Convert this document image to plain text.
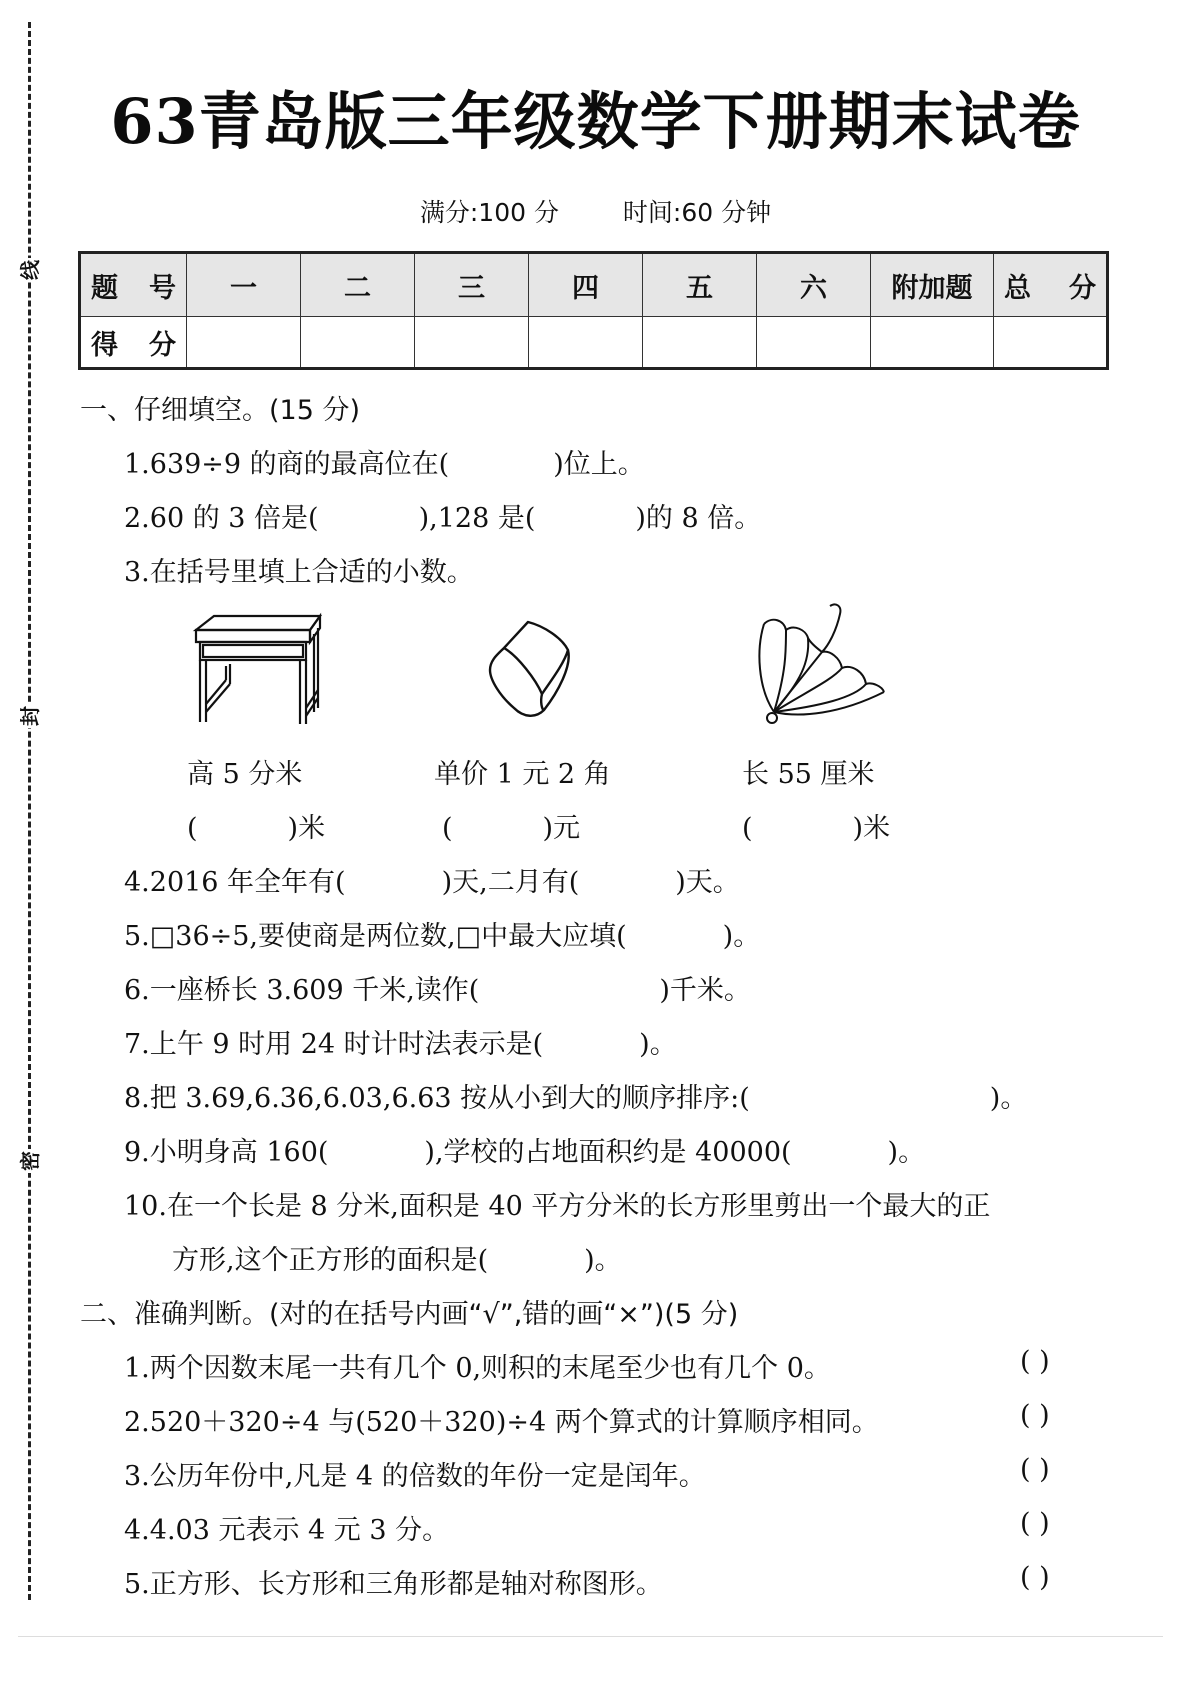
线
封
密
63青岛版三年级数学下册期末试卷
满分:100 分	时间:60 分钟
题 号	一	二	三	四	五	六	附加题	总 分

得 分								

一、仔细填空。(15 分)
1.639÷9 的商的最高位在(	)位上。
2.60 的 3 倍是(	),128 是(	)的 8 倍。
3.在括号里填上合适的小数。
高 5 分米	单价 1 元 2 角	长 55 厘米
(	)米	(	)元	(	)米
4.2016 年全年有(	)天,二月有(	)天。
5.□36÷5,要使商是两位数,□中最大应填(	)。
6.一座桥长 3.609 千米,读作(	)千米。
7.上午 9 时用 24 时计时法表示是(	)。
8.把 3.69,6.36,6.03,6.63 按从小到大的顺序排序:(	)。
9.小明身高 160(	),学校的占地面积约是 40000(	)。
10.在一个长是 8 分米,面积是 40 平方分米的长方形里剪出一个最大的正
方形,这个正方形的面积是(	)。
二、准确判断。(对的在括号内画“√”,错的画“×”)(5 分)
1.两个因数末尾一共有几个 0,则积的末尾至少也有几个 0。	( )
2.520＋320÷4 与(520＋320)÷4 两个算式的计算顺序相同。	( )
3.公历年份中,凡是 4 的倍数的年份一定是闰年。	( )
4.4.03 元表示 4 元 3 分。	( )
5.正方形、长方形和三角形都是轴对称图形。	( )
